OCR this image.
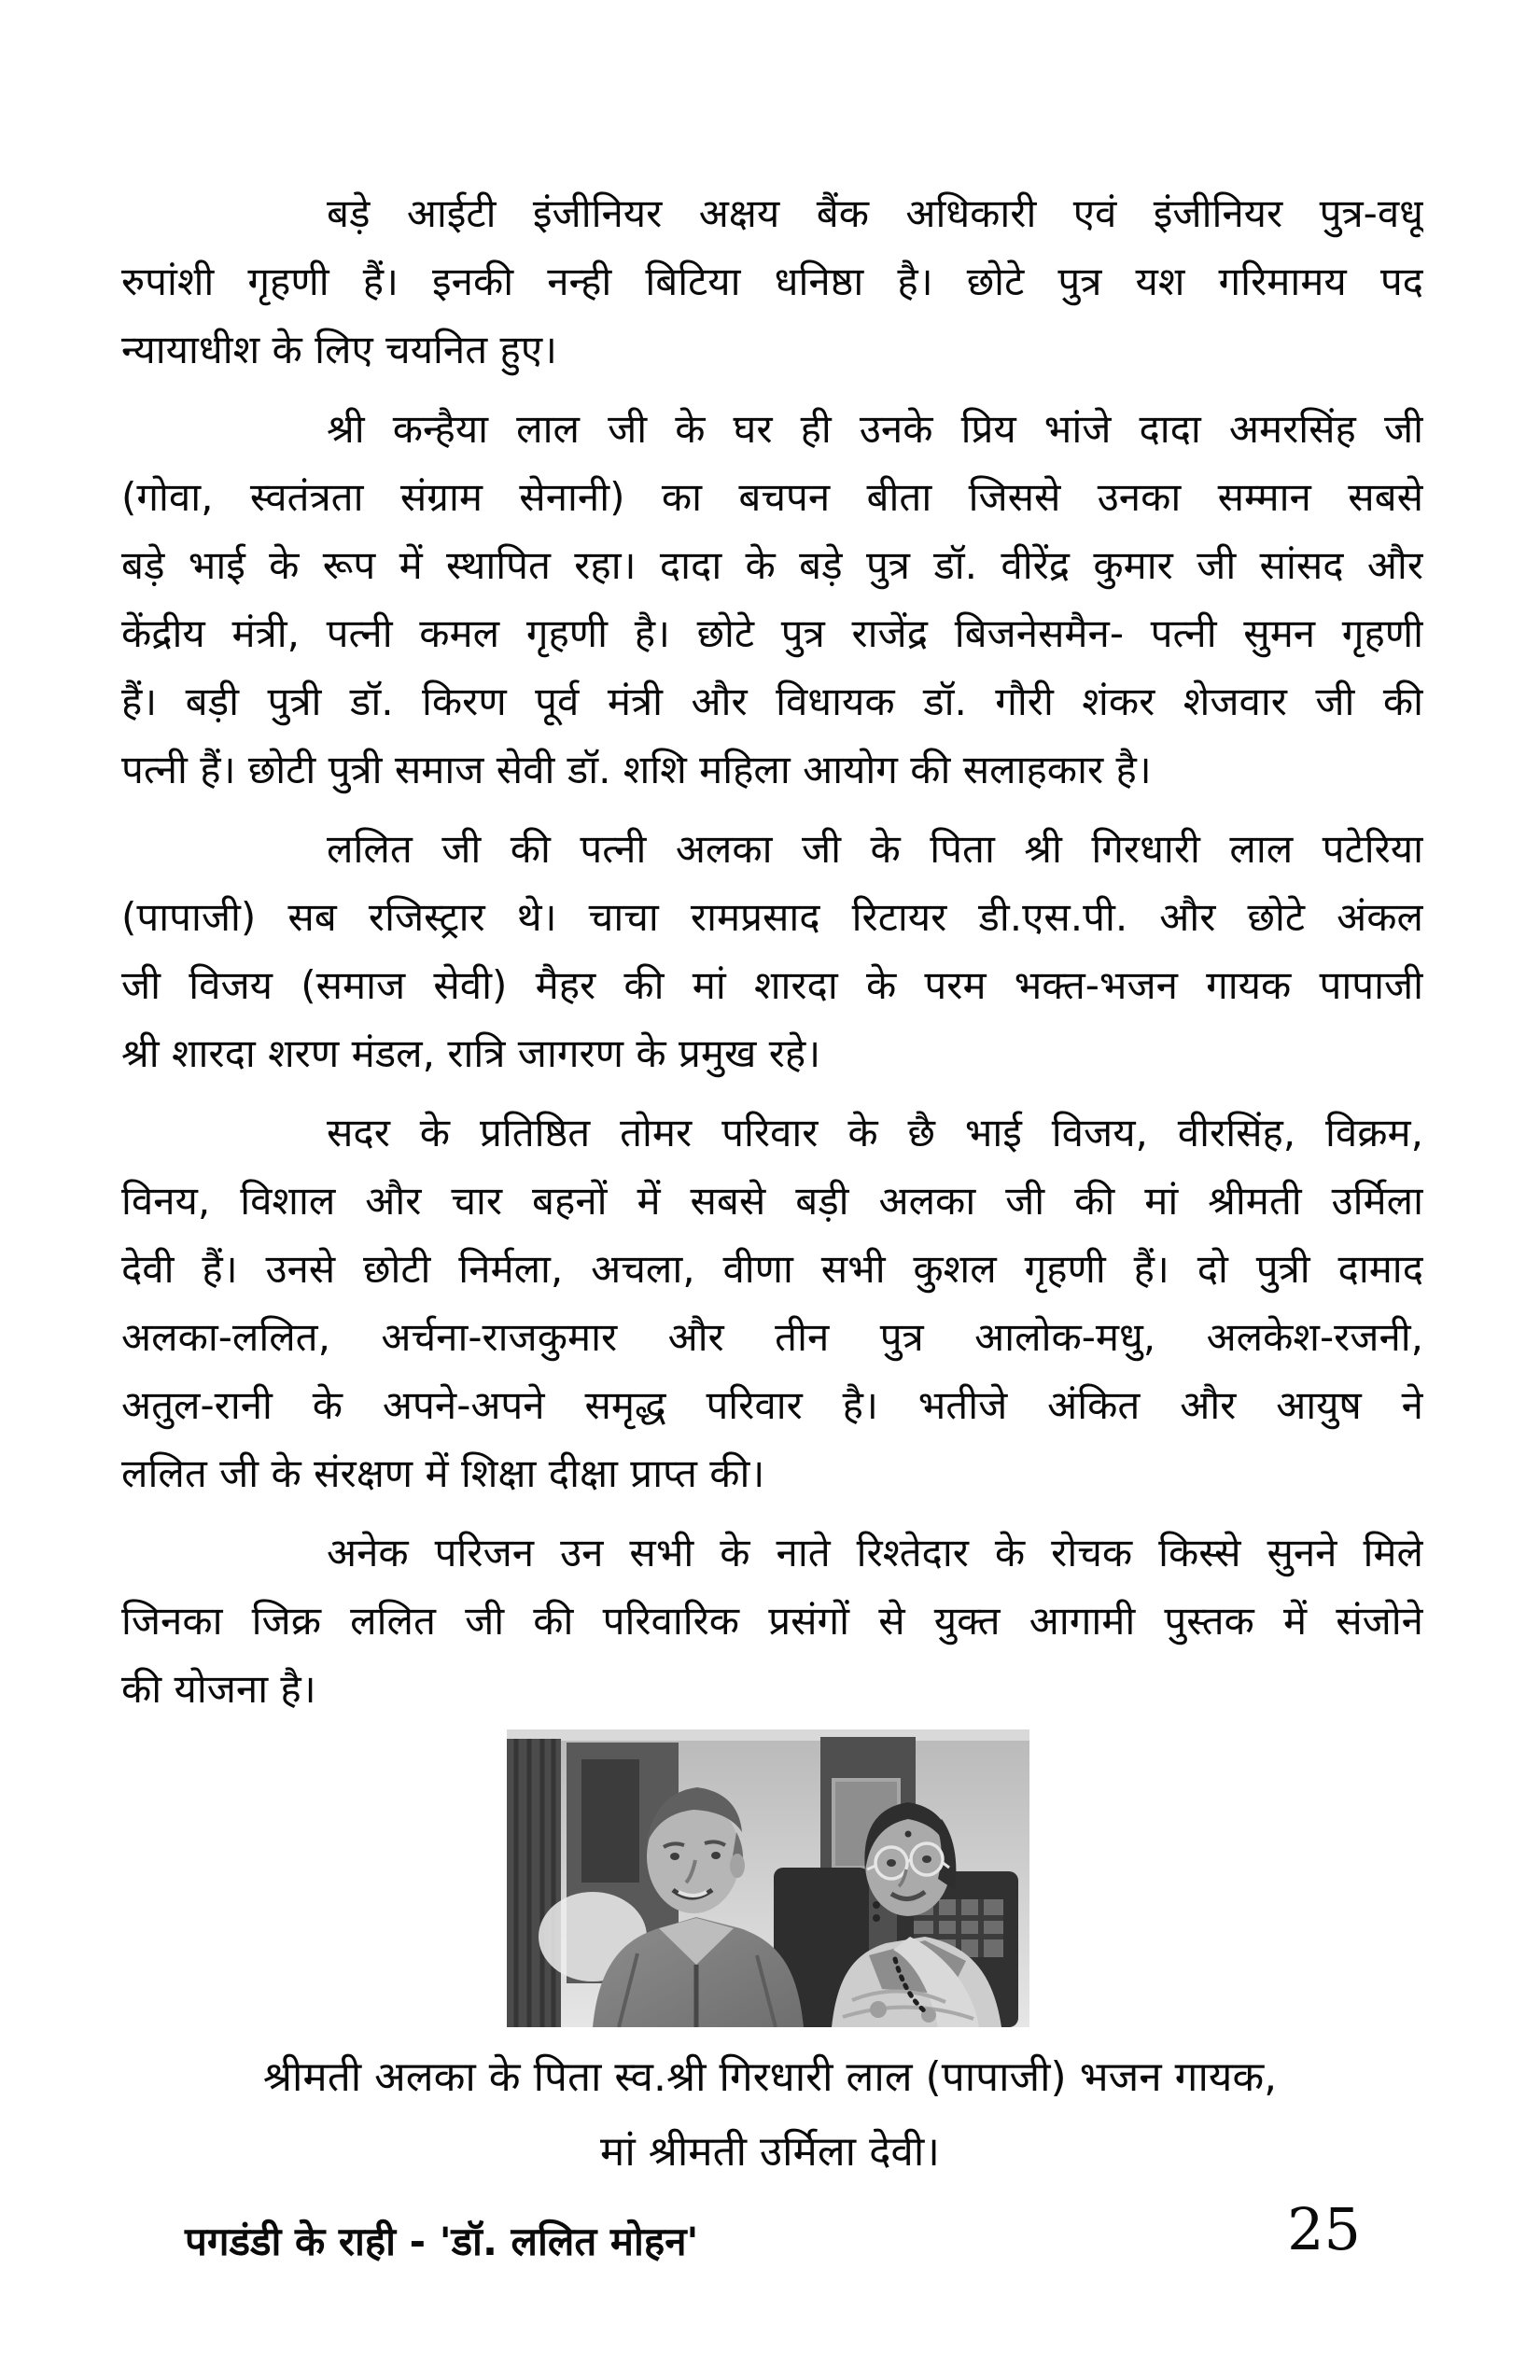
बड़े आईटी इंजीनियर अक्षय बैंक अधिकारी एवं इंजीनियर पुत्र-वधू
रुपांशी गृहणी हैं। इनकी नन्ही बिटिया धनिष्ठा है। छोटे पुत्र यश गरिमामय पद
न्यायाधीश के लिए चयनित हुए।
श्री कन्हैया लाल जी के घर ही उनके प्रिय भांजे दादा अमरसिंह जी
(गोवा, स्वतंत्रता संग्राम सेनानी) का बचपन बीता जिससे उनका सम्मान सबसे
बड़े भाई के रूप में स्थापित रहा। दादा के बड़े पुत्र डॉ. वीरेंद्र कुमार जी सांसद और
केंद्रीय मंत्री, पत्नी कमल गृहणी है। छोटे पुत्र राजेंद्र बिजनेसमैन- पत्नी सुमन गृहणी
हैं। बड़ी पुत्री डॉ. किरण पूर्व मंत्री और विधायक डॉ. गौरी शंकर शेजवार जी की
पत्नी हैं। छोटी पुत्री समाज सेवी डॉ. शशि महिला आयोग की सलाहकार है।
ललित जी की पत्नी अलका जी के पिता श्री गिरधारी लाल पटेरिया
(पापाजी) सब रजिस्ट्रार थे। चाचा रामप्रसाद रिटायर डी.एस.पी. और छोटे अंकल
जी विजय (समाज सेवी) मैहर की मां शारदा के परम भक्त-भजन गायक पापाजी
श्री शारदा शरण मंडल, रात्रि जागरण के प्रमुख रहे।
सदर के प्रतिष्ठित तोमर परिवार के छै भाई विजय, वीरसिंह, विक्रम,
विनय, विशाल और चार बहनों में सबसे बड़ी अलका जी की मां श्रीमती उर्मिला
देवी हैं। उनसे छोटी निर्मला, अचला, वीणा सभी कुशल गृहणी हैं। दो पुत्री दामाद
अलका-ललित, अर्चना-राजकुमार और तीन पुत्र आलोक-मधु, अलकेश-रजनी,
अतुल-रानी के अपने-अपने समृद्ध परिवार है। भतीजे अंकित और आयुष ने
ललित जी के संरक्षण में शिक्षा दीक्षा प्राप्त की।
अनेक परिजन उन सभी के नाते रिश्तेदार के रोचक किस्से सुनने मिले
जिनका जिक्र ललित जी की परिवारिक प्रसंगों से युक्त आगामी पुस्तक में संजोने
की योजना है।
श्रीमती अलका के पिता स्व.श्री गिरधारी लाल (पापाजी) भजन गायक,
मां श्रीमती उर्मिला देवी।
पगडंडी के राही - 'डॉ. ललित मोहन'	25
